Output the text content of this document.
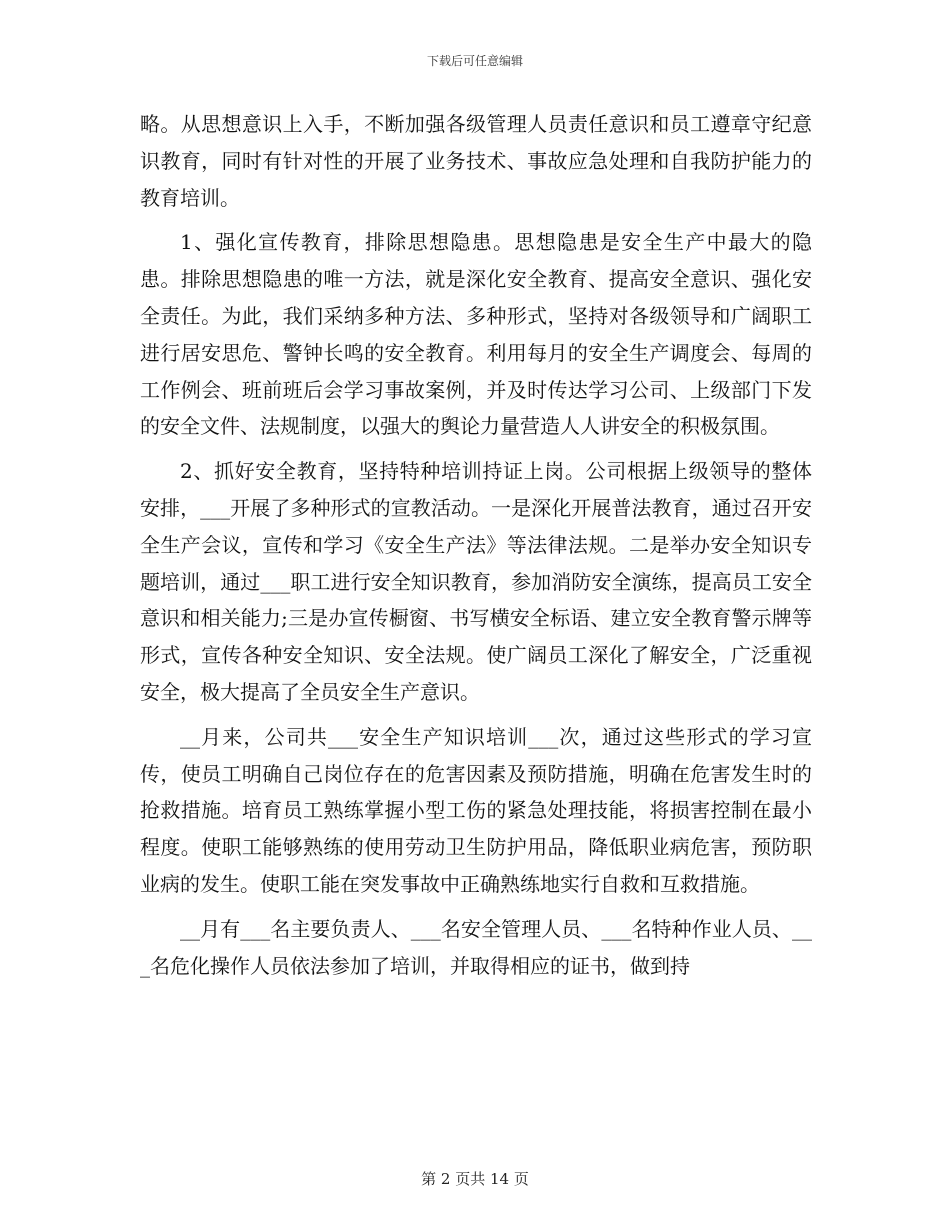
下载后可任意编辑

略。从思想意识上入手，不断加强各级管理人员责任意识和员工遵章守纪意识教育，同时有针对性的开展了业务技术、事故应急处理和自我防护能力的教育培训。

1、强化宣传教育，排除思想隐患。思想隐患是安全生产中最大的隐患。排除思想隐患的唯一方法，就是深化安全教育、提高安全意识、强化安全责任。为此，我们采纳多种方法、多种形式，坚持对各级领导和广阔职工进行居安思危、警钟长鸣的安全教育。利用每月的安全生产调度会、每周的工作例会、班前班后会学习事故案例，并及时传达学习公司、上级部门下发的安全文件、法规制度，以强大的舆论力量营造人人讲安全的积极氛围。

2、抓好安全教育，坚持特种培训持证上岗。公司根据上级领导的整体安排，___开展了多种形式的宣教活动。一是深化开展普法教育，通过召开安全生产会议，宣传和学习《安全生产法》等法律法规。二是举办安全知识专题培训，通过___职工进行安全知识教育，参加消防安全演练，提高员工安全意识和相关能力;三是办宣传橱窗、书写横安全标语、建立安全教育警示牌等形式，宣传各种安全知识、安全法规。使广阔员工深化了解安全，广泛重视安全，极大提高了全员安全生产意识。

__月来，公司共___安全生产知识培训___次，通过这些形式的学习宣传，使员工明确自己岗位存在的危害因素及预防措施，明确在危害发生时的抢救措施。培育员工熟练掌握小型工伤的紧急处理技能，将损害控制在最小程度。使职工能够熟练的使用劳动卫生防护用品，降低职业病危害，预防职业病的发生。使职工能在突发事故中正确熟练地实行自救和互救措施。

__月有___名主要负责人、___名安全管理人员、___名特种作业人员、___名危化操作人员依法参加了培训，并取得相应的证书，做到持

第 2 页共 14 页
